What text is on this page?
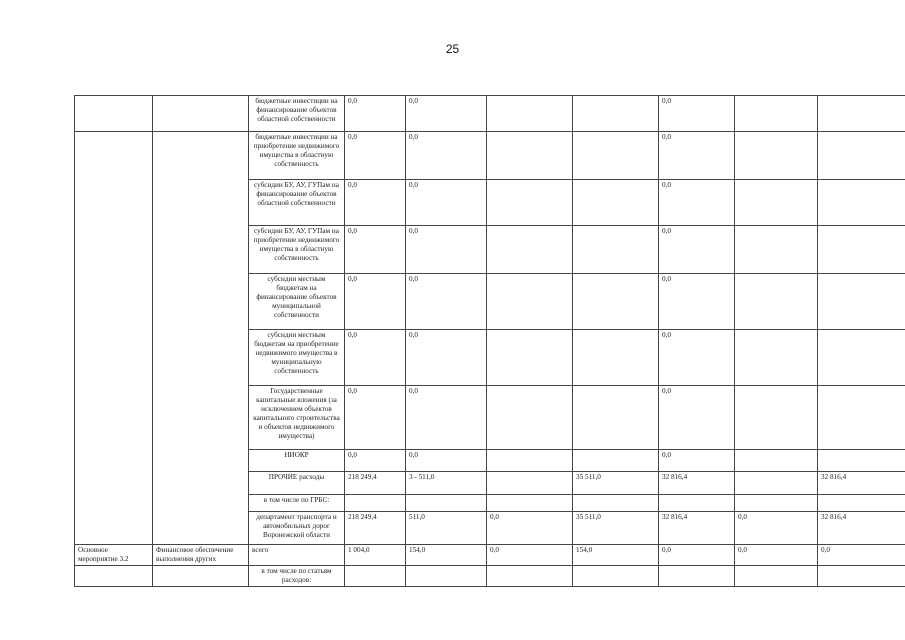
25
		бюджетные инвестиции на финансирование объектов областной собственности	0,0	0,0			0,0		
		бюджетные инвестиции на приобретение недвижимого имущества в областную собственность	0,0	0,0			0,0		
		субсидии БУ, АУ, ГУПам на финансирование объектов областной собственности	0,0	0,0			0,0		
		субсидии БУ, АУ, ГУПам на приобретение недвижимого имущества в областную собственность	0,0	0,0			0,0		
		субсидии местным бюджетам на финансирование объектов муниципальной собственности	0,0	0,0			0,0		
		субсидии местным бюджетам на приобретение недвижимого имущества в муниципальную собственность	0,0	0,0			0,0		
		Государственные капитальные вложения (за исключением объектов капитального строительства и объектов недвижимого имущества)	0,0	0,0			0,0		
		НИОКР	0,0	0,0			0,0		
		ПРОЧИЕ расходы	218 249,4	3 - 511,0		35 511,0	32 816,4		32 816,4
		в том числе по ГРБС:							
		департамент транспорта и автомобильных дорог Воронежской области	218 249,4	511,0	0,0	35 511,0	32 816,4	0,0	32 816,4
Основное мероприятие 3.2	Финансовое обеспечение выполнения других	всего	1 004,0	154,0	0,0	154,0	0,0	0,0	0,0
		в том числе по статьям расходов:							
